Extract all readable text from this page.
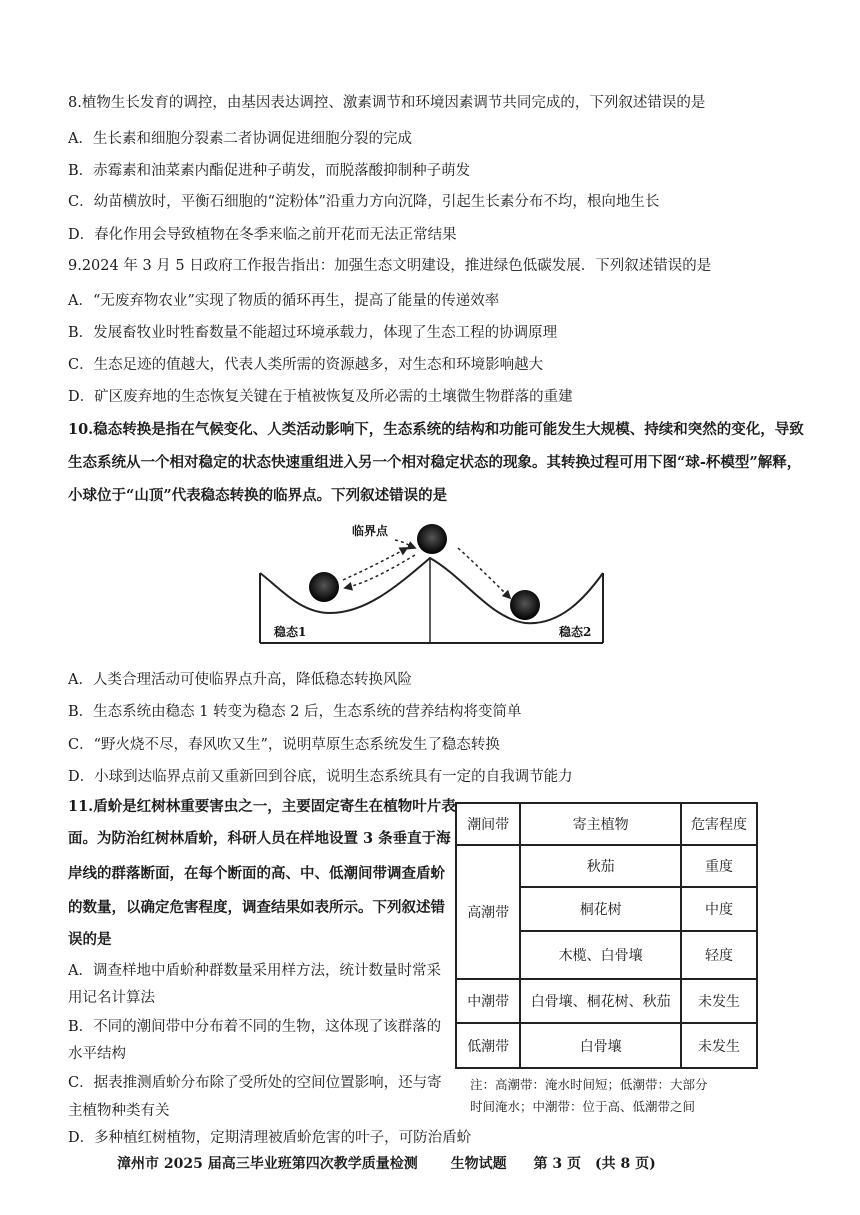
8.植物生长发育的调控，由基因表达调控、激素调节和环境因素调节共同完成的，下列叙述错误的是
A．生长素和细胞分裂素二者协调促进细胞分裂的完成
B．赤霉素和油菜素内酯促进种子萌发，而脱落酸抑制种子萌发
C．幼苗横放时，平衡石细胞的“淀粉体”沿重力方向沉降，引起生长素分布不均，根向地生长
D．春化作用会导致植物在冬季来临之前开花而无法正常结果
9.2024 年 3 月 5 日政府工作报告指出：加强生态文明建设，推进绿色低碳发展．下列叙述错误的是
A．“无废弃物农业”实现了物质的循环再生，提高了能量的传递效率
B．发展畜牧业时牲畜数量不能超过环境承载力，体现了生态工程的协调原理
C．生态足迹的值越大，代表人类所需的资源越多，对生态和环境影响越大
D．矿区废弃地的生态恢复关键在于植被恢复及所必需的土壤微生物群落的重建
10.稳态转换是指在气候变化、人类活动影响下，生态系统的结构和功能可能发生大规模、持续和突然的变化，导致
生态系统从一个相对稳定的状态快速重组进入另一个相对稳定状态的现象。其转换过程可用下图“球-杯模型”解释，
小球位于“山顶”代表稳态转换的临界点。下列叙述错误的是
临界点
稳态1	稳态2
A．人类合理活动可使临界点升高，降低稳态转换风险
B．生态系统由稳态 1 转变为稳态 2 后，生态系统的营养结构将变简单
C．“野火烧不尽，春风吹又生”，说明草原生态系统发生了稳态转换
D．小球到达临界点前又重新回到谷底，说明生态系统具有一定的自我调节能力
11.盾蚧是红树林重要害虫之一，主要固定寄生在植物叶片表
面。为防治红树林盾蚧，科研人员在样地设置 3 条垂直于海
岸线的群落断面，在每个断面的高、中、低潮间带调查盾蚧
的数量，以确定危害程度，调查结果如表所示。下列叙述错
误的是
A．调查样地中盾蚧种群数量采用样方法，统计数量时常采
用记名计算法
B．不同的潮间带中分布着不同的生物，这体现了该群落的
水平结构
C．据表推测盾蚧分布除了受所处的空间位置影响，还与寄
主植物种类有关
D．多种植红树植物，定期清理被盾蚧危害的叶子，可防治盾蚧
潮间带	寄主植物	危害程度
高潮带	秋茄	重度
	桐花树	中度
	木榄、白骨壤	轻度
中潮带	白骨壤、桐花树、秋茄	未发生
低潮带	白骨壤	未发生
注：高潮带：淹水时间短；低潮带：大部分
时间淹水；中潮带：位于高、低潮带之间
漳州市 2025 届高三毕业班第四次教学质量检测 生物试题 第 3 页　(共 8 页)
